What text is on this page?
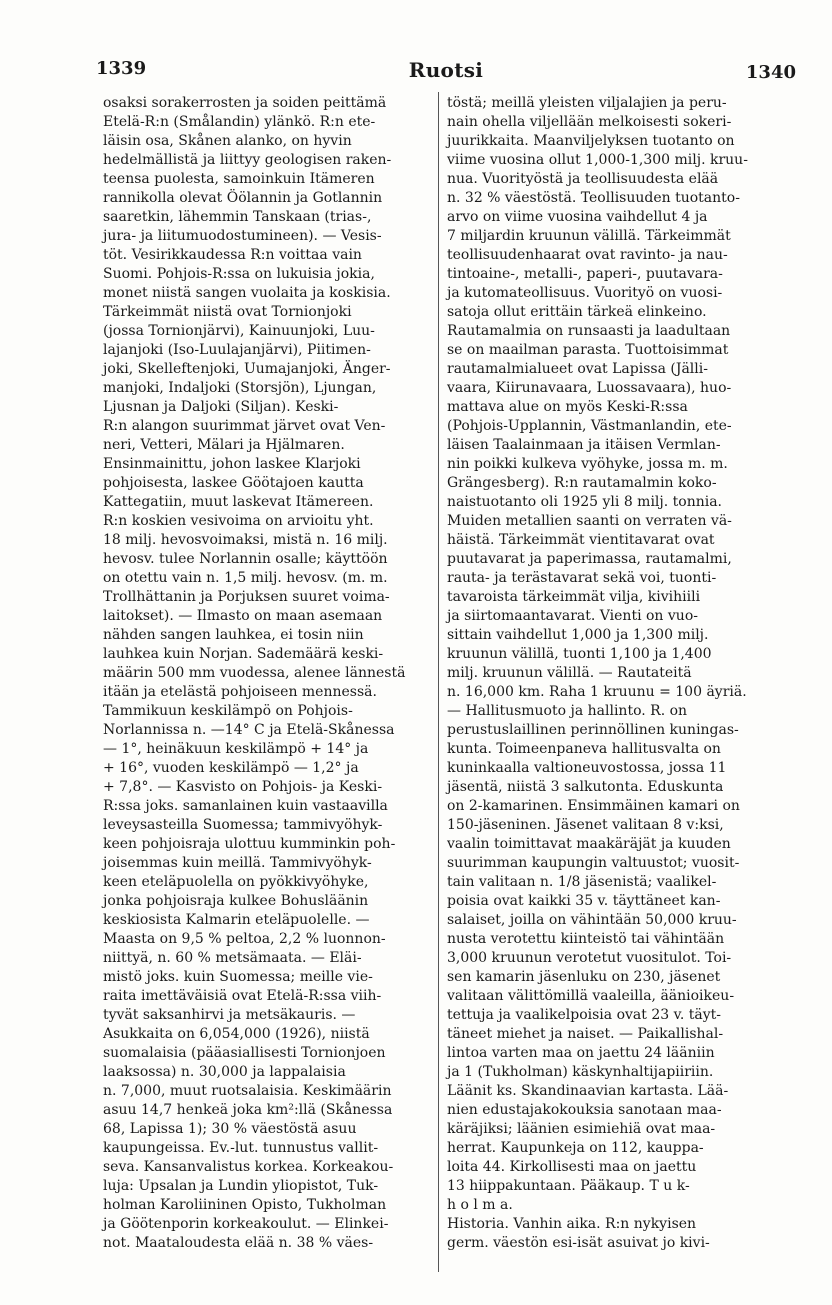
1339	Ruotsi	1340
osaksi sorakerrosten ja soiden peittämä
Etelä-R:n (Smålandin) ylänkö. R:n ete-
läisin osa, Skånen alanko, on hyvin
hedelmällistä ja liittyy geologisen raken-
teensa puolesta, samoinkuin Itämeren
rannikolla olevat Öölannin ja Gotlannin
saaretkin, lähemmin Tanskaan (trias-,
jura- ja liitumuodostumineen). — Vesis-
töt. Vesirikkaudessa R:n voittaa vain
Suomi. Pohjois-R:ssa on lukuisia jokia,
monet niistä sangen vuolaita ja koskisia.
Tärkeimmät niistä ovat Tornionjoki
(jossa Tornionjärvi), Kainuunjoki, Luu-
lajanjoki (Iso-Luulajanjärvi), Piitimen-
joki, Skelleftenjoki, Uumajanjoki, Änger-
manjoki, Indaljoki (Storsjön), Ljungan,
Ljusnan ja Daljoki (Siljan). Keski-
R:n alangon suurimmat järvet ovat Ven-
neri, Vetteri, Mälari ja Hjälmaren.
Ensinmainittu, johon laskee Klarjoki
pohjoisesta, laskee Göötajoen kautta
Kattegatiin, muut laskevat Itämereen.
R:n koskien vesivoima on arvioitu yht.
18 milj. hevosvoimaksi, mistä n. 16 milj.
hevosv. tulee Norlannin osalle; käyttöön
on otettu vain n. 1,5 milj. hevosv. (m. m.
Trollhättanin ja Porjuksen suuret voima-
laitokset). — Ilmasto on maan asemaan
nähden sangen lauhkea, ei tosin niin
lauhkea kuin Norjan. Sademäärä keski-
määrin 500 mm vuodessa, alenee lännestä
itään ja etelästä pohjoiseen mennessä.
Tammikuun keskilämpö on Pohjois-
Norlannissa n. —14° C ja Etelä-Skånessa
— 1°, heinäkuun keskilämpö + 14° ja
+ 16°, vuoden keskilämpö — 1,2° ja
+ 7,8°. — Kasvisto on Pohjois- ja Keski-
R:ssa joks. samanlainen kuin vastaavilla
leveysasteilla Suomessa; tammivyöhyk-
keen pohjoisraja ulottuu kumminkin poh-
joisemmas kuin meillä. Tammivyöhyk-
keen eteläpuolella on pyökkivyöhyke,
jonka pohjoisraja kulkee Bohusläänin
keskiosista Kalmarin eteläpuolelle. —
Maasta on 9,5 % peltoa, 2,2 % luonnon-
niittyä, n. 60 % metsämaata. — Eläi-
mistö joks. kuin Suomessa; meille vie-
raita imettäväisiä ovat Etelä-R:ssa viih-
tyvät saksanhirvi ja metsäkauris. —
Asukkaita on 6,054,000 (1926), niistä
suomalaisia (pääasiallisesti Tornionjoen
laaksossa) n. 30,000 ja lappalaisia
n. 7,000, muut ruotsalaisia. Keskimäärin
asuu 14,7 henkeä joka km²:llä (Skånessa
68, Lapissa 1); 30 % väestöstä asuu
kaupungeissa. Ev.-lut. tunnustus vallit-
seva. Kansanvalistus korkea. Korkeakou-
luja: Upsalan ja Lundin yliopistot, Tuk-
holman Karoliininen Opisto, Tukholman
ja Göötenporin korkeakoulut. — Elinkei-
not. Maataloudesta elää n. 38 % väes-
töstä; meillä yleisten viljalajien ja peru-
nain ohella viljellään melkoisesti sokeri-
juurikkaita. Maanviljelyksen tuotanto on
viime vuosina ollut 1,000-1,300 milj. kruu-
nua. Vuorityöstä ja teollisuudesta elää
n. 32 % väestöstä. Teollisuuden tuotanto-
arvo on viime vuosina vaihdellut 4 ja
7 miljardin kruunun välillä. Tärkeimmät
teollisuudenhaarat ovat ravinto- ja nau-
tintoaine-, metalli-, paperi-, puutavara-
ja kutomateollisuus. Vuorityö on vuosi-
satoja ollut erittäin tärkeä elinkeino.
Rautamalmia on runsaasti ja laadultaan
se on maailman parasta. Tuottoisimmat
rautamalmialueet ovat Lapissa (Jälli-
vaara, Kiirunavaara, Luossavaara), huo-
mattava alue on myös Keski-R:ssa
(Pohjois-Upplannin, Västmanlandin, ete-
läisen Taalainmaan ja itäisen Vermlan-
nin poikki kulkeva vyöhyke, jossa m. m.
Grängesberg). R:n rautamalmin koko-
naistuotanto oli 1925 yli 8 milj. tonnia.
Muiden metallien saanti on verraten vä-
häistä. Tärkeimmät vientitavarat ovat
puutavarat ja paperimassa, rautamalmi,
rauta- ja terästavarat sekä voi, tuonti-
tavaroista tärkeimmät vilja, kivihiili
ja siirtomaantavarat. Vienti on vuo-
sittain vaihdellut 1,000 ja 1,300 milj.
kruunun välillä, tuonti 1,100 ja 1,400
milj. kruunun välillä. — Rautateitä
n. 16,000 km. Raha 1 kruunu = 100 äyriä.
— Hallitusmuoto ja hallinto. R. on
perustuslaillinen perinnöllinen kuningas-
kunta. Toimeenpaneva hallitusvalta on
kuninkaalla valtioneuvostossa, jossa 11
jäsentä, niistä 3 salkutonta. Eduskunta
on 2-kamarinen. Ensimmäinen kamari on
150-jäseninen. Jäsenet valitaan 8 v:ksi,
vaalin toimittavat maakäräjät ja kuuden
suurimman kaupungin valtuustot; vuosit-
tain valitaan n. 1/8 jäsenistä; vaalikel-
poisia ovat kaikki 35 v. täyttäneet kan-
salaiset, joilla on vähintään 50,000 kruu-
nusta verotettu kiinteistö tai vähintään
3,000 kruunun verotetut vuositulot. Toi-
sen kamarin jäsenluku on 230, jäsenet
valitaan välittömillä vaaleilla, äänioikeu-
tettuja ja vaalikelpoisia ovat 23 v. täyt-
täneet miehet ja naiset. — Paikallishal-
lintoa varten maa on jaettu 24 lääniin
ja 1 (Tukholman) käskynhaltijapiiriin.
Läänit ks. Skandinaavian kartasta. Lää-
nien edustajakokouksia sanotaan maa-
käräjiksi; läänien esimiehiä ovat maa-
herrat. Kaupunkeja on 112, kauppa-
loita 44. Kirkollisesti maa on jaettu
13 hiippakuntaan. Pääkaup. T u k-
h o l m a.
Historia. Vanhin aika. R:n nykyisen
germ. väestön esi-isät asuivat jo kivi-
